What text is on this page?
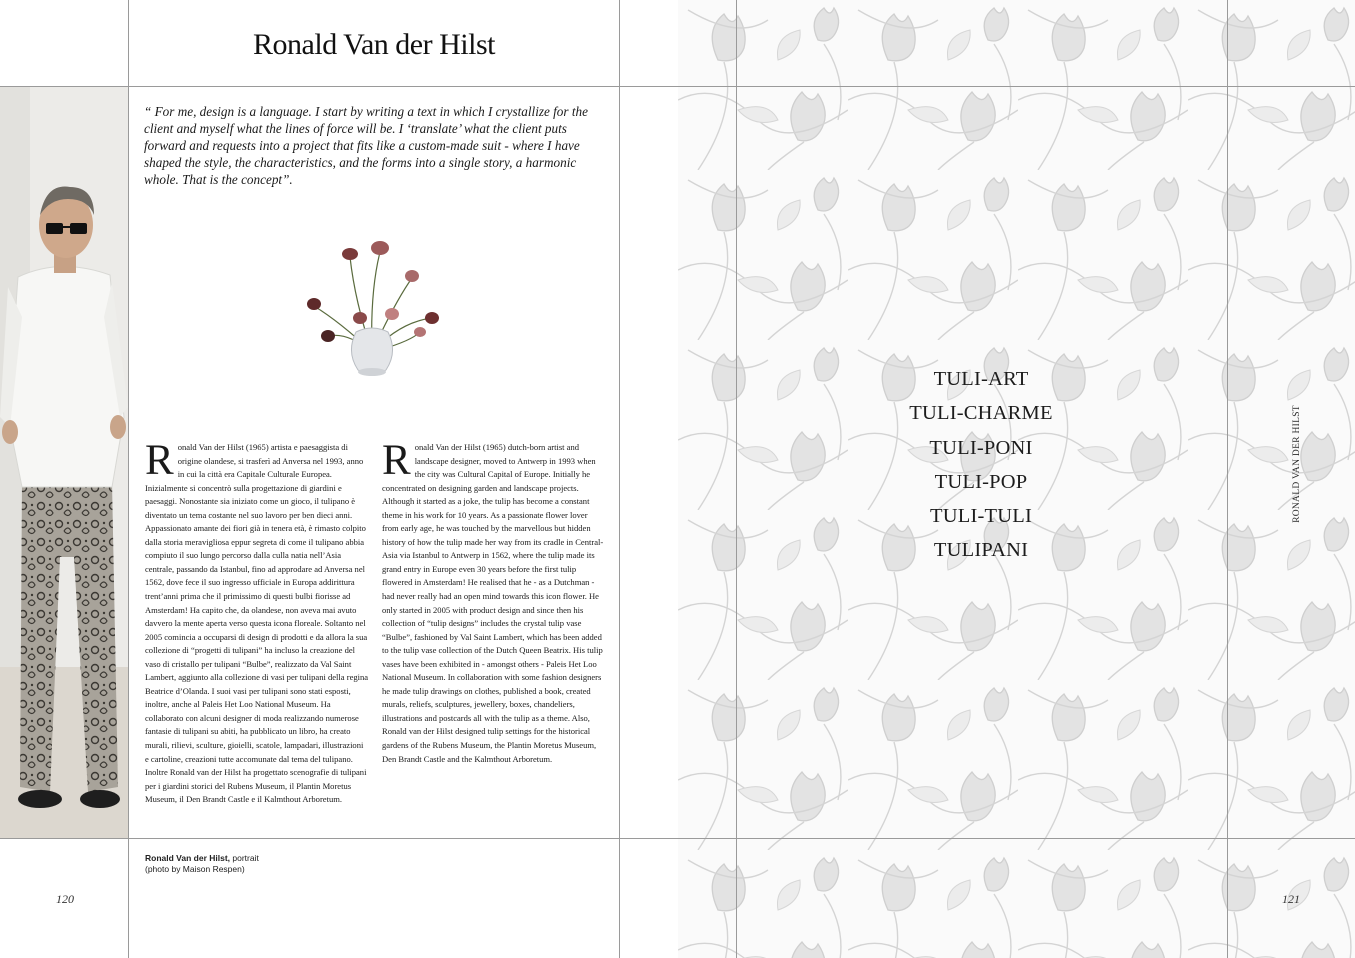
Ronald Van der Hilst
“ For me, design is a language. I start by writing a text in which I crystallize for the client and myself what the lines of force will be. I ‘translate’ what the client puts forward and requests into a project that fits like a custom-made suit - where I have shaped the style, the characteristics, and the forms into a single story, a harmonic whole. That is the concept”.
Ronald Van der Hilst (1965) artista e paesaggista di origine olandese, si trasferì ad Anversa nel 1993, anno in cui la città era Capitale Culturale Europea. Inizialmente si concentrò sulla progettazione di giardini e paesaggi. Nonostante sia iniziato come un gioco, il tulipano è diventato un tema costante nel suo lavoro per ben dieci anni. Appassionato amante dei fiori già in tenera età, è rimasto colpito dalla storia meravigliosa eppur segreta di come il tulipano abbia compiuto il suo lungo percorso dalla culla natia nell’Asia centrale, passando da Istanbul, fino ad approdare ad Anversa nel 1562, dove fece il suo ingresso ufficiale in Europa addirittura trent’anni prima che il primissimo di questi bulbi fiorisse ad Amsterdam! Ha capito che, da olandese, non aveva mai avuto davvero la mente aperta verso questa icona floreale. Soltanto nel 2005 comincia a occuparsi di design di prodotti e da allora la sua collezione di “progetti di tulipani” ha incluso la creazione del vaso di cristallo per tulipani “Bulbe”, realizzato da Val Saint Lambert, aggiunto alla collezione di vasi per tulipani della regina Beatrice d’Olanda. I suoi vasi per tulipani sono stati esposti, inoltre, anche al Paleis Het Loo National Museum. Ha collaborato con alcuni designer di moda realizzando numerose fantasie di tulipani su abiti, ha pubblicato un libro, ha creato murali, rilievi, sculture, gioielli, scatole, lampadari, illustrazioni e cartoline, creazioni tutte accomunate dal tema del tulipano. Inoltre Ronald van der Hilst ha progettato scenografie di tulipani per i giardini storici del Rubens Museum, il Plantin Moretus Museum, il Den Brandt Castle e il Kalmthout Arboretum.
Ronald Van der Hilst (1965) dutch-born artist and landscape designer, moved to Antwerp in 1993 when the city was Cultural Capital of Europe. Initially he concentrated on designing garden and landscape projects. Although it started as a joke, the tulip has become a constant theme in his work for 10 years. As a passionate flower lover from early age, he was touched by the marvellous but hidden history of how the tulip made her way from its cradle in Central-Asia via Istanbul to Antwerp in 1562, where the tulip made its grand entry in Europe even 30 years before the first tulip flowered in Amsterdam! He realised that he - as a Dutchman - had never really had an open mind towards this icon flower. He only started in 2005 with product design and since then his collection of “tulip designs” includes the crystal tulip vase “Bulbe”, fashioned by Val Saint Lambert, which has been added to the tulip vase collection of the Dutch Queen Beatrix. His tulip vases have been exhibited in - amongst others - Paleis Het Loo National Museum. In collaboration with some fashion designers he made tulip drawings on clothes, published a book, created murals, reliefs, sculptures, jewellery, boxes, chandeliers, illustrations and postcards all with the tulip as a theme. Also, Ronald van der Hilst designed tulip settings for the historical gardens of the Rubens Museum, the Plantin Moretus Museum, Den Brandt Castle and the Kalmthout Arboretum.
Ronald Van der Hilst, portrait
(photo by Maison Respen)
120
TULI-ART
TULI-CHARME
TULI-PONI
TULI-POP
TULI-TULI
TULIPANI
RONALD VAN DER HILST
121
